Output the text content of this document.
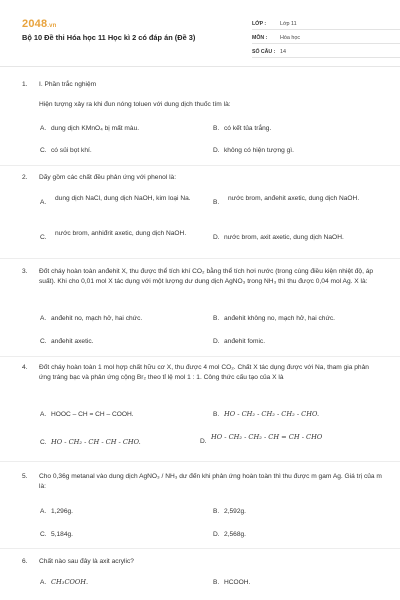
2048.vn
Bộ 10 Đề thi Hóa học 11 Học kì 2 có đáp án (Đề 3)
LỚP :	Lớp 11
MÔN :	Hóa học
SỐ CÂU : 14
1.	I. Phần trắc nghiệm
Hiện tượng xảy ra khi đun nóng toluen với dung dịch thuốc tím là:
A. dung dịch KMnO₄ bị mất màu.	B. có kết tủa trắng.
C. có sủi bọt khí.	D. không có hiện tượng gì.
2.	Dãy gồm các chất đều phản ứng với phenol là:
A.
dung dịch NaCl, dung dịch NaOH, kim loại Na.
B.
nước brom, anđehit axetic, dung dịch NaOH.
C.
nước brom, anhiđrit axetic, dung dịch NaOH.
D. nước brom, axit axetic, dung dịch NaOH.
3.	Đốt cháy hoàn toàn anđehit X, thu được thể tích khí CO₂ bằng thể tích hơi nước (trong cùng điều kiện nhiệt độ, áp suất). Khi cho 0,01 mol X tác dụng với một lượng dư dung dịch AgNO₃ trong NH₃ thì thu được 0,04 mol Ag. X là:
A. anđehit no, mạch hở, hai chức.	B. anđehit không no, mạch hở, hai chức.
C. anđehit axetic.	D. anđehit fomic.
4.	Đốt cháy hoàn toàn 1 mol hợp chất hữu cơ X, thu được 4 mol CO₂. Chất X tác dụng được với Na, tham gia phản ứng tráng bạc và phản ứng cộng Br₂ theo tỉ lệ mol 1 : 1. Công thức cấu tạo của X là
A. HOOC – CH = CH – COOH.	B. HO - CH₂ - CH₂ - CH₂ - CHO.
C. HO - CH₂ - CH - CH - CHO.	D.
HO - CH₂ - CH₂ - CH = CH - CHO
5.	Cho 0,36g metanal vào dung dịch AgNO₃ / NH₃ dư đến khi phản ứng hoàn toàn thì thu được m gam Ag. Giá trị của m là:
A. 1,296g.	B. 2,592g.
C. 5,184g.	D. 2,568g.
6.	Chất nào sau đây là axit acrylic?
A. CH₃COOH.	B. HCOOH.
